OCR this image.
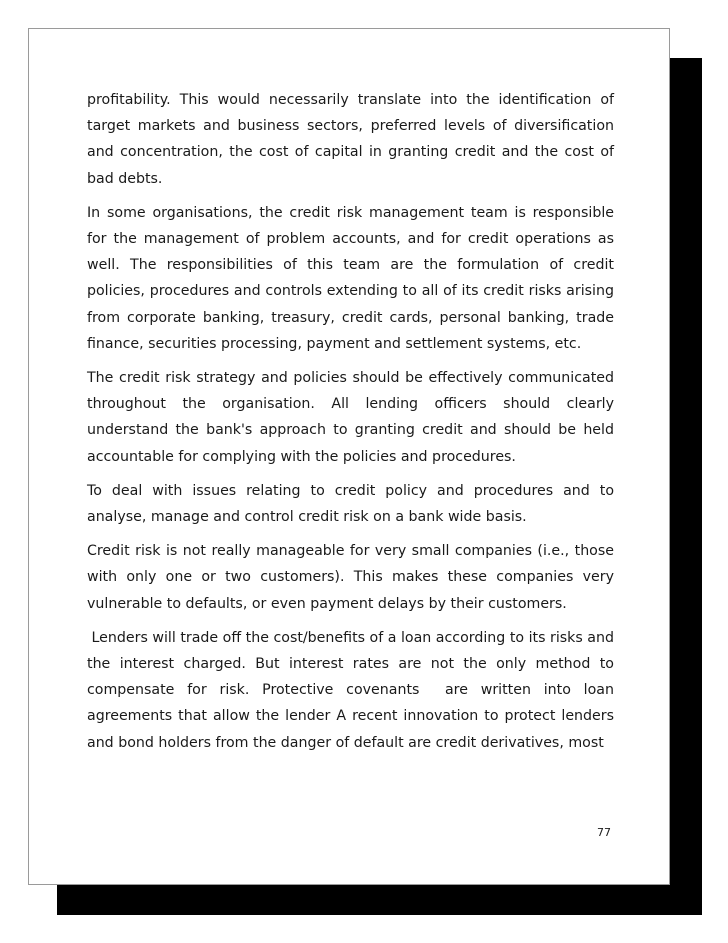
profitability. This would necessarily translate into the identification of target markets and business sectors, preferred levels of diversification and concentration, the cost of capital in granting credit and the cost of bad debts.

In some organisations, the credit risk management team is responsible for the management of problem accounts, and for credit operations as well. The responsibilities of this team are the formulation of credit policies, procedures and controls extending to all of its credit risks arising from corporate banking, treasury, credit cards, personal banking, trade finance, securities processing, payment and settlement systems, etc.

The credit risk strategy and policies should be effectively communicated throughout the organisation. All lending officers should clearly understand the bank's approach to granting credit and should be held accountable for complying with the policies and procedures.

To deal with issues relating to credit policy and procedures and to analyse, manage and control credit risk on a bank wide basis.

Credit risk is not really manageable for very small companies (i.e., those with only one or two customers). This makes these companies very vulnerable to defaults, or even payment delays by their customers.

Lenders will trade off the cost/benefits of a loan according to its risks and the interest charged. But interest rates are not the only method to compensate for risk. Protective covenants  are written into loan agreements that allow the lender A recent innovation to protect lenders and bond holders from the danger of default are credit derivatives, most

77
